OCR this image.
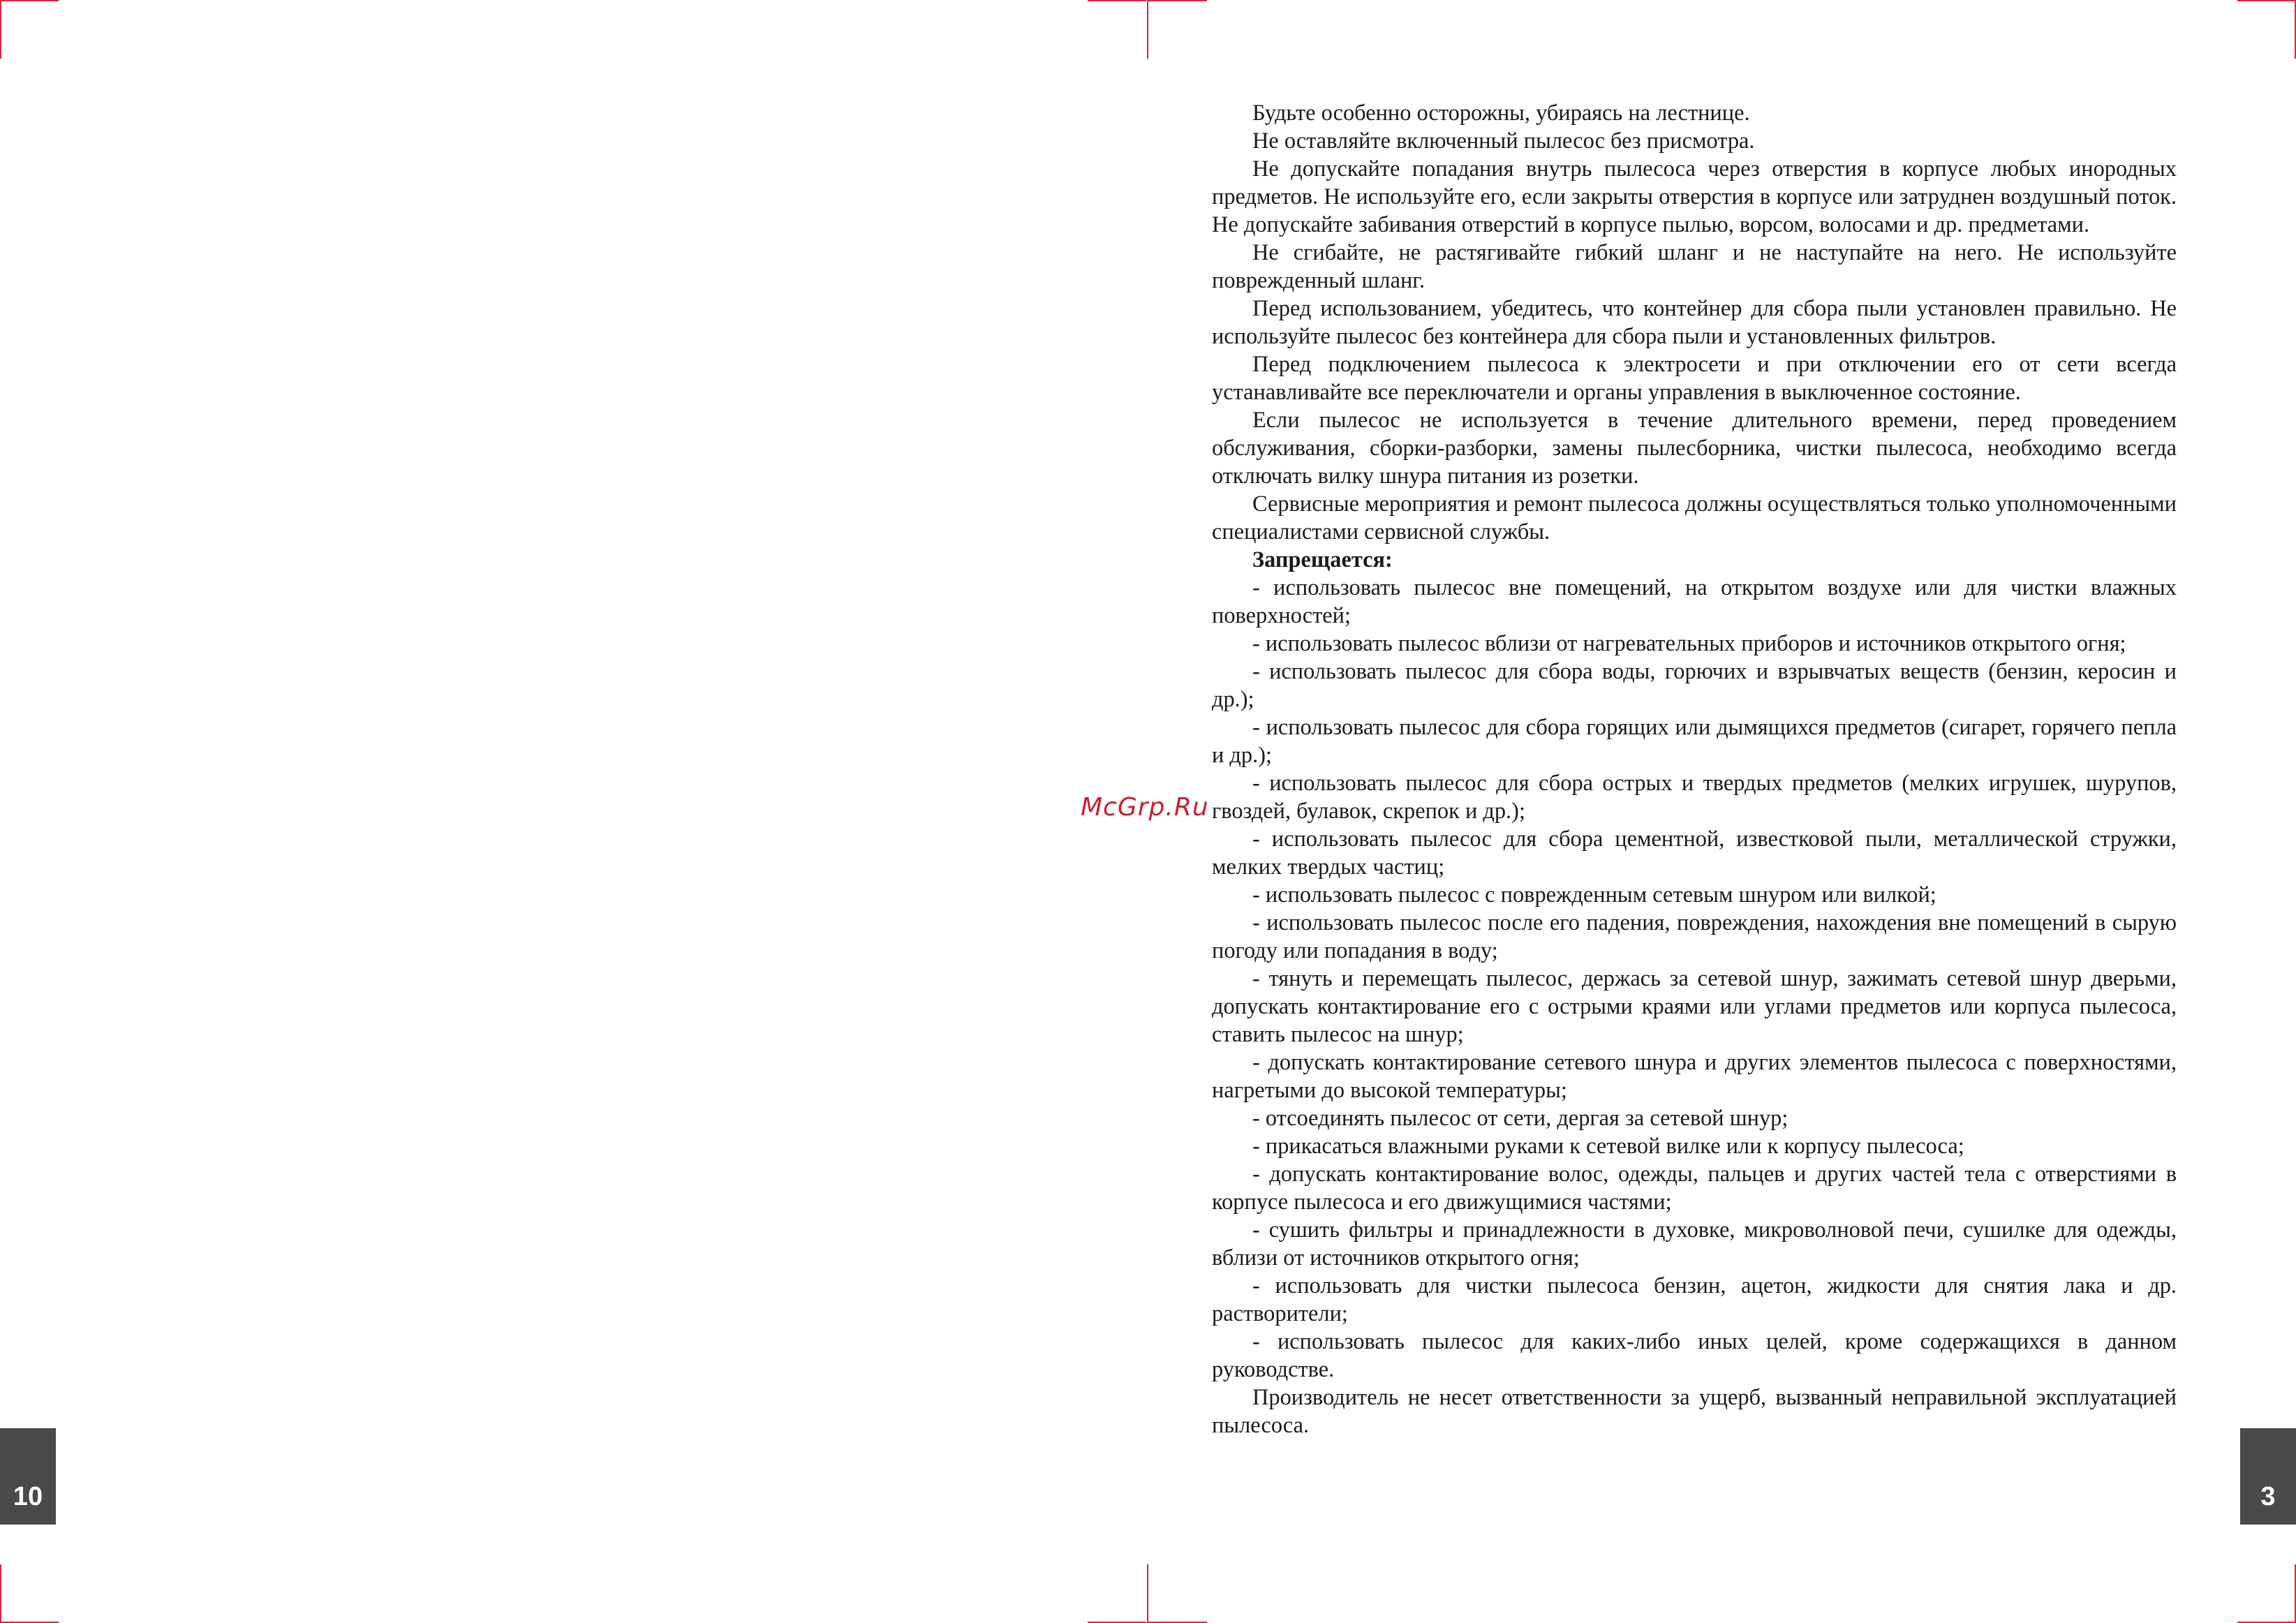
10	3
McGrp.Ru

Будьте особенно осторожны, убираясь на лестнице.

Не оставляйте включенный пылесос без присмотра.

Не допускайте попадания внутрь пылесоса через отверстия в корпусе любых инородных предметов. Не используйте его, если закрыты отверстия в корпусе или затруднен воздушный поток. Не допускайте забивания отверстий в корпусе пылью, ворсом, волосами и др. предметами.

Не сгибайте, не растягивайте гибкий шланг и не наступайте на него. Не используйте поврежденный шланг.

Перед использованием, убедитесь, что контейнер для сбора пыли установлен правильно. Не используйте пылесос без контейнера для сбора пыли и установленных фильтров.

Перед подключением пылесоса к электросети и при отключении его от сети всегда устанавливайте все переключатели и органы управления в выключенное состояние.

Если пылесос не используется в течение длительного времени, перед проведением обслуживания, сборки-разборки, замены пылесборника, чистки пылесоса, необходимо всегда отключать вилку шнура питания из розетки.

Сервисные мероприятия и ремонт пылесоса должны осуществляться только уполномоченными специалистами сервисной службы.

Запрещается:

- использовать пылесос вне помещений, на открытом воздухе или для чистки влажных поверхностей;

- использовать пылесос вблизи от нагревательных приборов и источников открытого огня;

- использовать пылесос для сбора воды, горючих и взрывчатых веществ (бензин, керосин и др.);

- использовать пылесос для сбора горящих или дымящихся предметов (сигарет, горячего пепла и др.);

- использовать пылесос для сбора острых и твердых предметов (мелких игрушек, шурупов, гвоздей, булавок, скрепок и др.);

- использовать пылесос для сбора цементной, известковой пыли, металлической стружки, мелких твердых частиц;

- использовать пылесос с поврежденным сетевым шнуром или вилкой;

- использовать пылесос после его падения, повреждения, нахождения вне помещений в сырую погоду или попадания в воду;

- тянуть и перемещать пылесос, держась за сетевой шнур, зажимать сетевой шнур дверьми, допускать контактирование его с острыми краями или углами предметов или корпуса пылесоса, ставить пылесос на шнур;

- допускать контактирование сетевого шнура и других элементов пылесоса с поверхностями, нагретыми до высокой температуры;

- отсоединять пылесос от сети, дергая за сетевой шнур;

- прикасаться влажными руками к сетевой вилке или к корпусу пылесоса;

- допускать контактирование волос, одежды, пальцев и других частей тела с отверстиями в корпусе пылесоса и его движущимися частями;

- сушить фильтры и принадлежности в духовке, микроволновой печи, сушилке для одежды, вблизи от источников открытого огня;

- использовать для чистки пылесоса бензин, ацетон, жидкости для снятия лака и др. растворители;

- использовать пылесос для каких-либо иных целей, кроме содержащихся в данном руководстве.

Производитель не несет ответственности за ущерб, вызванный неправильной эксплуатацией пылесоса.
